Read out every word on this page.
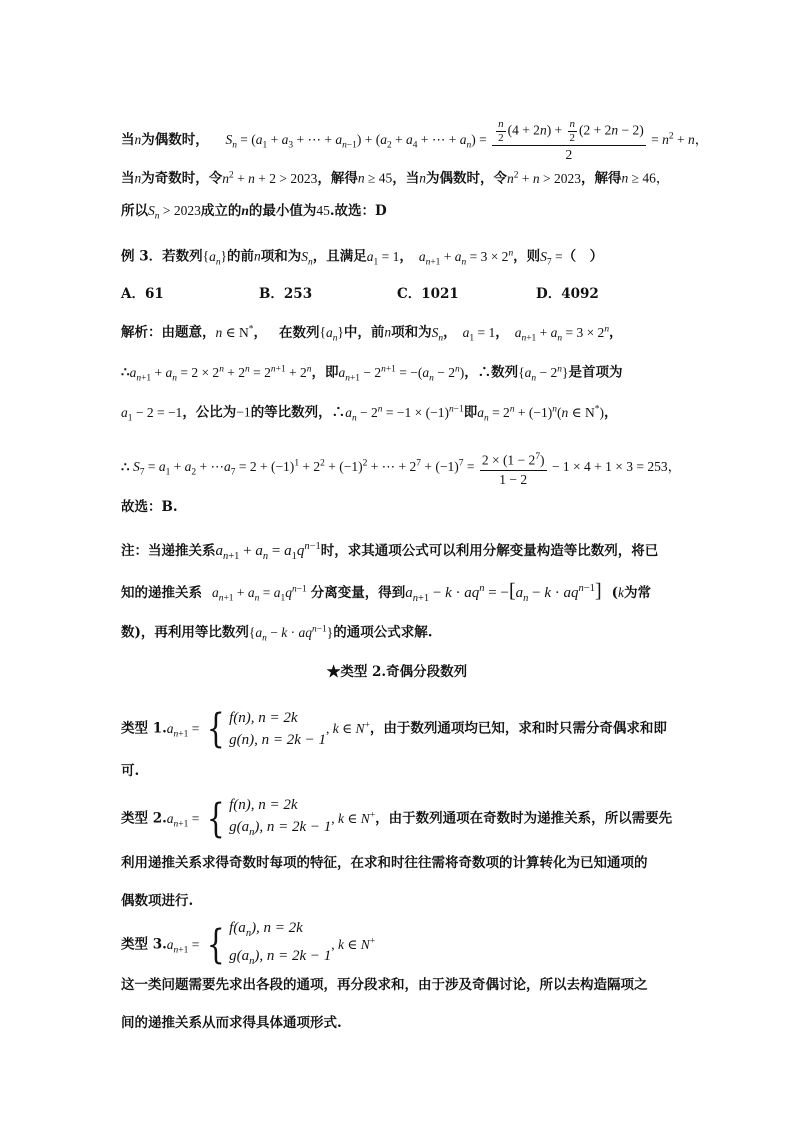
当n为偶数时， $S_n = (a_1 + a_3$ + ⋯ + $a_{n-1}) + (a_2 + a_4$ + ⋯ + $a_n) = \frac{\frac{n}{2} (4 + 2n) + \frac{n}{2} (2 + 2n - 2)}{2} = n^2 + n$，
当n为奇数时，令$n^2 + n + 2 > 2023$，解得n ≥ 45，当n为偶数时，令$n^2 + n > 2023$，解得n ≥ 46，
所以$S_n > 2023$成立的n的最小值为45.故选：D
例 3．若数列$\{a_n\}$的前n项和为$S_n$，且满足$a_1 = 1$， $a_{n+1} + a_n = 3 \times 2^n$，则$S_7$ =（　）
A．61	B．253	C．1021	D．4092
解析：由题意，n ∈ N*， 在数列$\{a_n\}$中，前n项和为$S_n$， $a_1 = 1$， $a_{n+1} + a_n = 3 \times 2^n$，
$\therefore a_{n+1} + a_n = 2 \times 2^n + 2^n = 2^{n+1} + 2^n$，即$a_{n+1} - 2^{n+1} = -(a_n - 2^n)$，∴数列$\{a_n - 2^n\}$是首项为
$a_1 - 2 = -1$，公比为−1的等比数列，$\therefore a_n - 2^n = -1 \times (-1)^{n-1}$即$a_n = 2^n + (-1)^n(n$ ∈ N*)，
∴ $S_7 = a_1 + a_2$ + $\cdots a_7 = 2 + (-1)^1 + 2^2 + (-1)^2$ + ⋯ + $2^7 + (-1)^7 = \frac{2 \times (1 - 2^7)}{1 - 2} - 1 \times 4 + 1 \times 3 = 253$，
故选：B.
注：当递推关系$a_{n+1} + a_n = a_1q^{n-1}$时，求其通项公式可以利用分解变量构造等比数列，将已
知的递推关系 $a_{n+1} + a_n = a_1q^{n-1}$ 分离变量，得到$a_{n+1} - k \cdot aq^n = -[a_n - k \cdot aq^{n-1}]$ (k为常
数)，再利用等比数列$\{a_n - k \cdot aq^{n-1}\}$的通项公式求解.
★类型 2.奇偶分段数列
类型 $1.a_{n+1}$ = { f(n), n = 2k
g(n), n = 2k − 1
, k ∈ N+，由于数列通项均已知，求和时只需分奇偶求和即
可.
类型 $2.a_{n+1}$ = { f(n), n = 2k
$g(a_n)$, n = 2k − 1
, k ∈ N+，由于数列通项在奇数时为递推关系，所以需要先
利用递推关系求得奇数时每项的特征，在求和时往往需将奇数项的计算转化为已知通项的
偶数项进行.
类型 $3.a_{n+1}$ = { $f(a_n)$, n = 2k
$g(a_n)$, n = 2k − 1
, k ∈ N+
这一类问题需要先求出各段的通项，再分段求和，由于涉及奇偶讨论，所以去构造隔项之
间的递推关系从而求得具体通项形式.
